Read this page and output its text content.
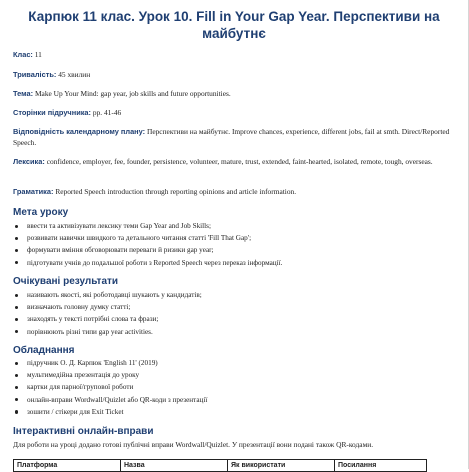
Карпюк 11 клас. Урок 10. Fill in Your Gap Year. Перспективи на майбутнє
Клас: 11
Тривалість: 45 хвилин
Тема: Make Up Your Mind: gap year, job skills and future opportunities.
Сторінки підручника: pp. 41-46
Відповідність календарному плану: Перспективи на майбутнє. Improve chances, experience, different jobs, fail at smth. Direct/Reported Speech.
Лексика: confidence, employer, fee, founder, persistence, volunteer, mature, trust, extended, faint-hearted, isolated, remote, tough, overseas.
Граматика: Reported Speech introduction through reporting opinions and article information.
Мета уроку
ввести та активізувати лексику теми Gap Year and Job Skills;
розвивати навички швидкого та детального читання статті 'Fill That Gap';
формувати вміння обговорювати переваги й ризики gap year;
підготувати учнів до подальшої роботи з Reported Speech через переказ інформації.
Очікувані результати
називають якості, які роботодавці шукають у кандидатів;
визначають головну думку статті;
знаходять у тексті потрібні слова та фрази;
порівнюють різні типи gap year activities.
Обладнання
підручник О. Д. Карпюк 'English 11' (2019)
мультимедійна презентація до уроку
картки для парної/групової роботи
онлайн-вправи Wordwall/Quizlet або QR-коди з презентації
зошити / стікери для Exit Ticket
Інтерактивні онлайн-вправи
Для роботи на уроці додано готові публічні вправи Wordwall/Quizlet. У презентації вони подані також QR-кодами.
Платформа	Назва	Як використати	Посилання
